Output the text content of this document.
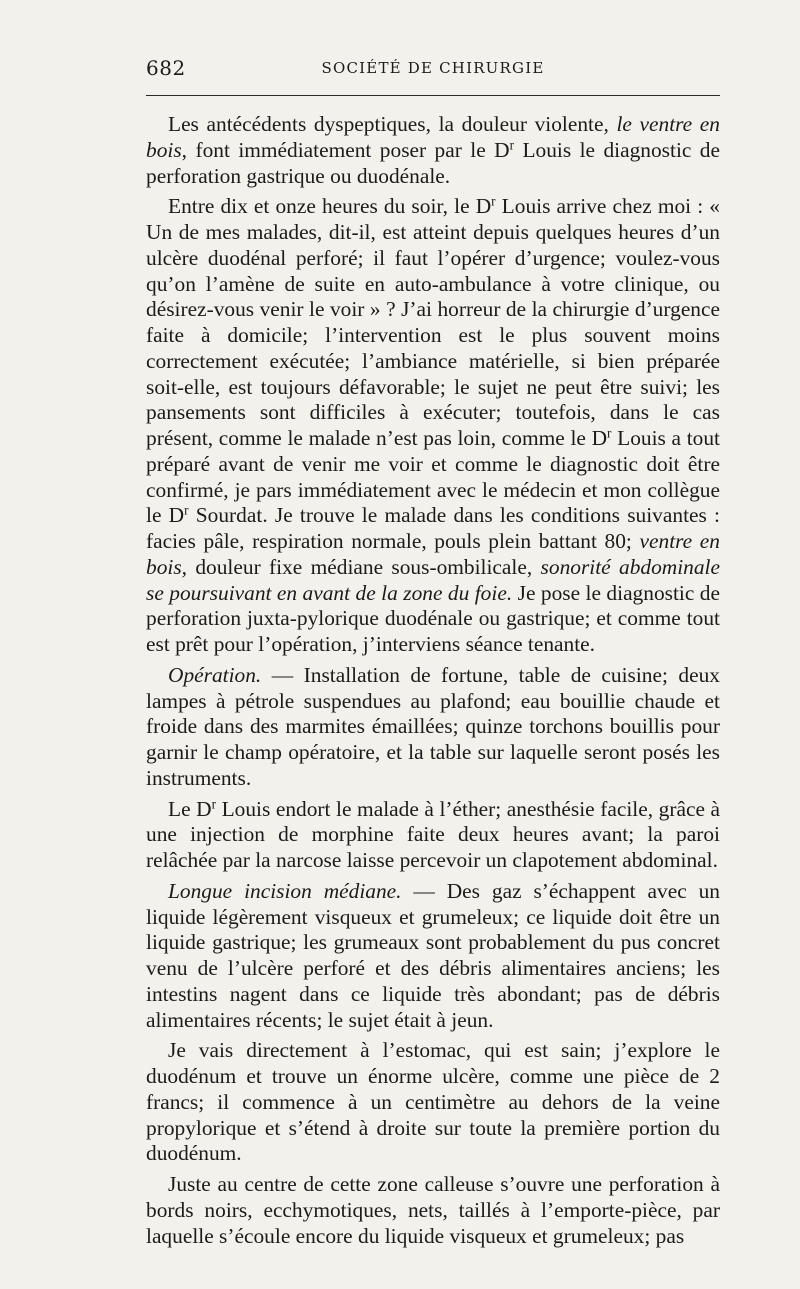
682	SOCIÉTÉ DE CHIRURGIE

Les antécédents dyspeptiques, la douleur violente, le ventre en bois, font immédiatement poser par le $D^r$ Louis le diagnostic de perforation gastrique ou duodénale.

Entre dix et onze heures du soir, le $D^r$ Louis arrive chez moi : « Un de mes malades, dit-il, est atteint depuis quelques heures d’un ulcère duodénal perforé; il faut l’opérer d’urgence; voulez-vous qu’on l’amène de suite en auto-ambulance à votre clinique, ou désirez-vous venir le voir » ? J’ai horreur de la chirurgie d’urgence faite à domicile; l’intervention est le plus souvent moins correctement exécutée; l’ambiance matérielle, si bien préparée soit-elle, est toujours défavorable; le sujet ne peut être suivi; les pansements sont difficiles à exécuter; toutefois, dans le cas présent, comme le malade n’est pas loin, comme le $D^r$ Louis a tout préparé avant de venir me voir et comme le diagnostic doit être confirmé, je pars immédiatement avec le médecin et mon collègue le $D^r$ Sourdat. Je trouve le malade dans les conditions suivantes : facies pâle, respiration normale, pouls plein battant 80; ventre en bois, douleur fixe médiane sous-ombilicale, sonorité abdominale se poursuivant en avant de la zone du foie. Je pose le diagnostic de perforation juxta-pylorique duodénale ou gastrique; et comme tout est prêt pour l’opération, j’interviens séance tenante.

Opération. — Installation de fortune, table de cuisine; deux lampes à pétrole suspendues au plafond; eau bouillie chaude et froide dans des marmites émaillées; quinze torchons bouillis pour garnir le champ opératoire, et la table sur laquelle seront posés les instruments.

Le $D^r$ Louis endort le malade à l’éther; anesthésie facile, grâce à une injection de morphine faite deux heures avant; la paroi relâchée par la narcose laisse percevoir un clapotement abdominal.

Longue incision médiane. — Des gaz s’échappent avec un liquide légèrement visqueux et grumeleux; ce liquide doit être un liquide gastrique; les grumeaux sont probablement du pus concret venu de l’ulcère perforé et des débris alimentaires anciens; les intestins nagent dans ce liquide très abondant; pas de débris alimentaires récents; le sujet était à jeun.

Je vais directement à l’estomac, qui est sain; j’explore le duodénum et trouve un énorme ulcère, comme une pièce de 2 francs; il commence à un centimètre au dehors de la veine propylorique et s’étend à droite sur toute la première portion du duodénum.

Juste au centre de cette zone calleuse s’ouvre une perforation à bords noirs, ecchymotiques, nets, taillés à l’emporte-pièce, par laquelle s’écoule encore du liquide visqueux et grumeleux; pas
